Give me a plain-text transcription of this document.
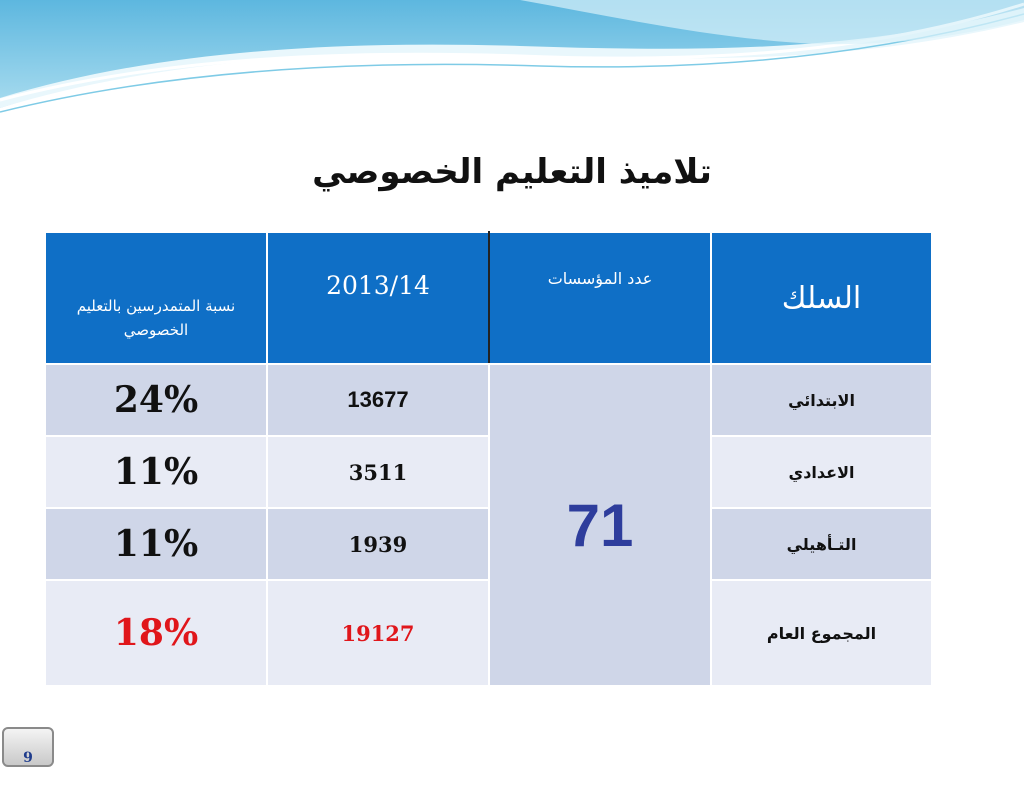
تلاميذ التعليم الخصوصي
نسبة المتمدرسين بالتعليم الخصوصي	2013/14	عدد المؤسسات	السلك

24%	13677	71	الابتدائي
11%	3511		الاعدادي
11%	1939		التـأهيلي
18%	19127		المجموع العام
9
